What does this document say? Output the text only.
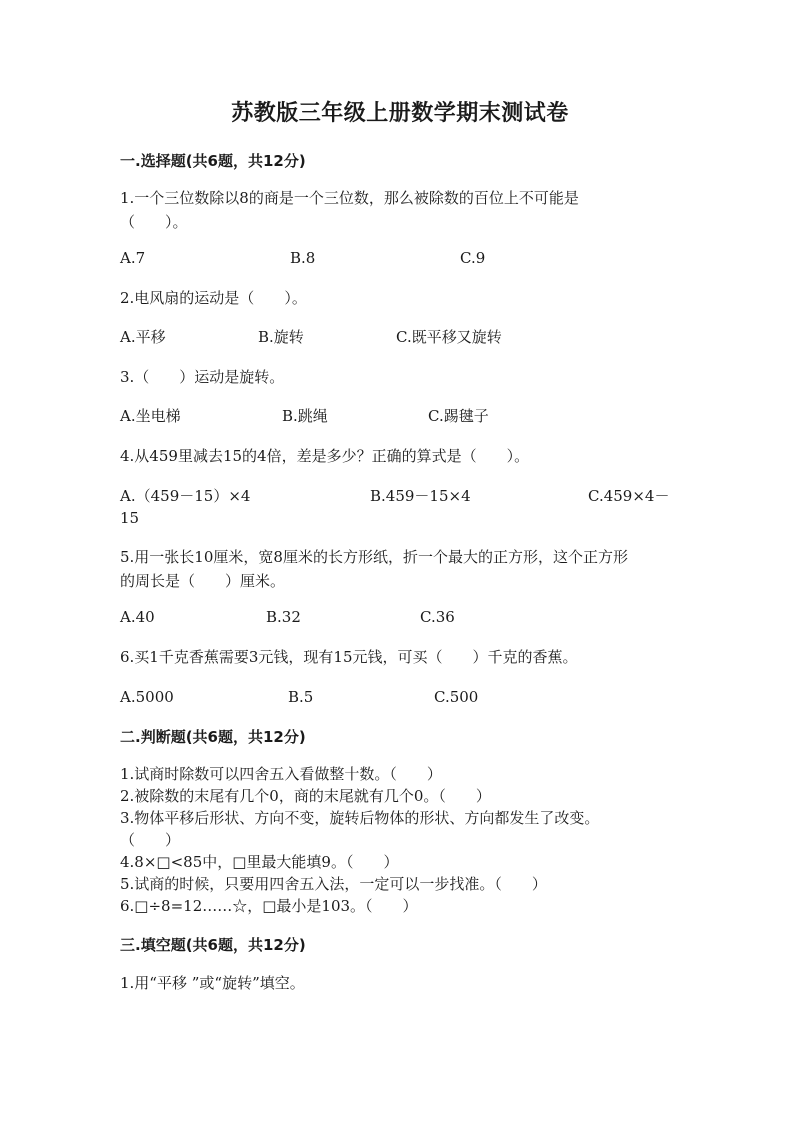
苏教版三年级上册数学期末测试卷
一.选择题(共6题，共12分)
1.一个三位数除以8的商是一个三位数，那么被除数的百位上不可能是
（　　）。
A.7	B.8	C.9
2.电风扇的运动是（　　）。
A.平移	B.旋转	C.既平移又旋转
3.（　　）运动是旋转。
A.坐电梯	B.跳绳	C.踢毽子
4.从459里减去15的4倍，差是多少？正确的算式是（　　）。
A.（459－15）×4	B.459－15×4	C.459×4－
15
5.用一张长10厘米，宽8厘米的长方形纸，折一个最大的正方形，这个正方形
的周长是（　　）厘米。
A.40	B.32	C.36
6.买1千克香蕉需要3元钱，现有15元钱，可买（　　）千克的香蕉。
A.5000	B.5	C.500
二.判断题(共6题，共12分)
1.试商时除数可以四舍五入看做整十数。（　　）
2.被除数的末尾有几个0，商的末尾就有几个0。（　　）
3.物体平移后形状、方向不变，旋转后物体的形状、方向都发生了改变。
（　　）
4.8×□<85中，□里最大能填9。（　　）
5.试商的时候，只要用四舍五入法，一定可以一步找准。（　　）
6.□÷8=12……☆，□最小是103。（　　）
三.填空题(共6题，共12分)
1.用“平移 ”或“旋转”填空。
